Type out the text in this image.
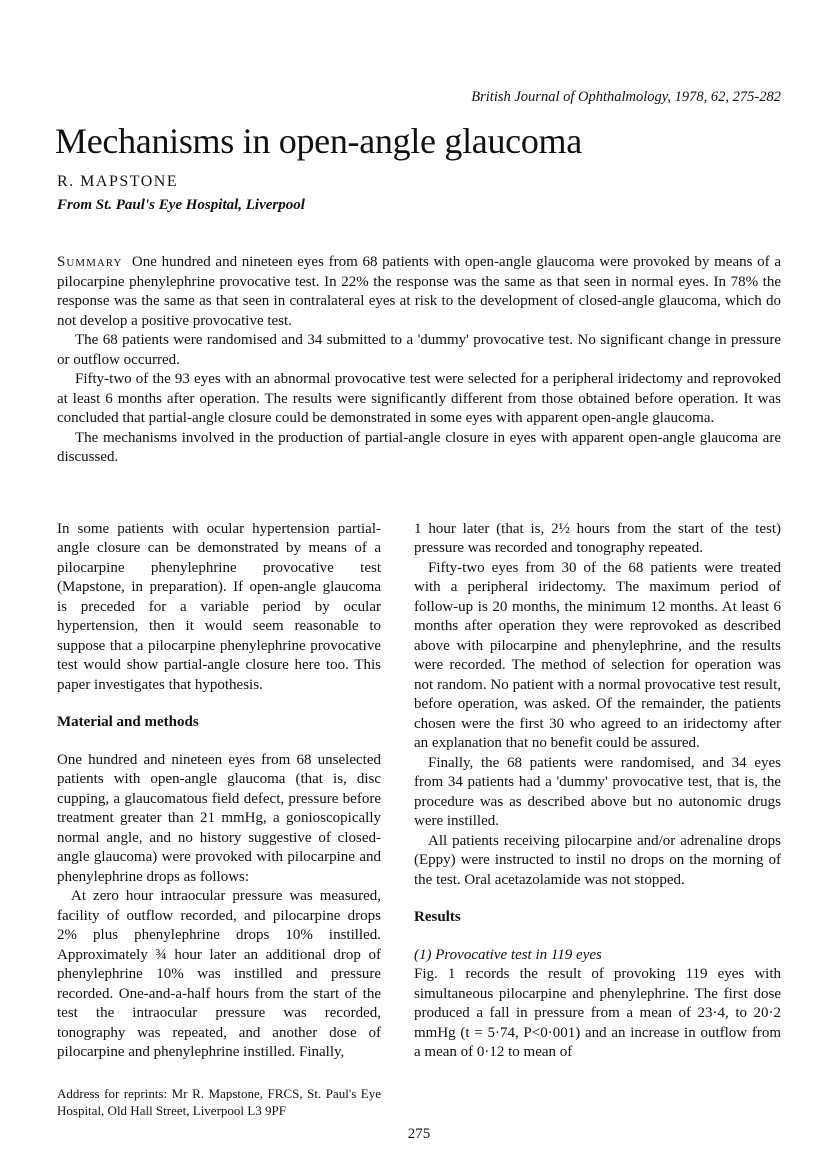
British Journal of Ophthalmology, 1978, 62, 275-282
Mechanisms in open-angle glaucoma
R. MAPSTONE
From St. Paul's Eye Hospital, Liverpool

Summary One hundred and nineteen eyes from 68 patients with open-angle glaucoma were provoked by means of a pilocarpine phenylephrine provocative test. In 22% the response was the same as that seen in normal eyes. In 78% the response was the same as that seen in contralateral eyes at risk to the development of closed-angle glaucoma, which do not develop a positive provocative test.

The 68 patients were randomised and 34 submitted to a 'dummy' provocative test. No significant change in pressure or outflow occurred.

Fifty-two of the 93 eyes with an abnormal provocative test were selected for a peripheral iridectomy and reprovoked at least 6 months after operation. The results were significantly different from those obtained before operation. It was concluded that partial-angle closure could be demonstrated in some eyes with apparent open-angle glaucoma.

The mechanisms involved in the production of partial-angle closure in eyes with apparent open-angle glaucoma are discussed.

In some patients with ocular hypertension partial-angle closure can be demonstrated by means of a pilocarpine phenylephrine provocative test (Mapstone, in preparation). If open-angle glaucoma is preceded for a variable period by ocular hypertension, then it would seem reasonable to suppose that a pilocarpine phenylephrine provocative test would show partial-angle closure here too. This paper investigates that hypothesis.

Material and methods

One hundred and nineteen eyes from 68 unselected patients with open-angle glaucoma (that is, disc cupping, a glaucomatous field defect, pressure before treatment greater than 21 mmHg, a gonioscopically normal angle, and no history suggestive of closed-angle glaucoma) were provoked with pilocarpine and phenylephrine drops as follows:

At zero hour intraocular pressure was measured, facility of outflow recorded, and pilocarpine drops 2% plus phenylephrine drops 10% instilled. Approximately ¾ hour later an additional drop of phenylephrine 10% was instilled and pressure recorded. One-and-a-half hours from the start of the test the intraocular pressure was recorded, tonography was repeated, and another dose of pilocarpine and phenylephrine instilled. Finally,

Address for reprints: Mr R. Mapstone, FRCS, St. Paul's Eye Hospital, Old Hall Street, Liverpool L3 9PF

1 hour later (that is, 2½ hours from the start of the test) pressure was recorded and tonography repeated.

Fifty-two eyes from 30 of the 68 patients were treated with a peripheral iridectomy. The maximum period of follow-up is 20 months, the minimum 12 months. At least 6 months after operation they were reprovoked as described above with pilocarpine and phenylephrine, and the results were recorded. The method of selection for operation was not random. No patient with a normal provocative test result, before operation, was asked. Of the remainder, the patients chosen were the first 30 who agreed to an iridectomy after an explanation that no benefit could be assured.

Finally, the 68 patients were randomised, and 34 eyes from 34 patients had a 'dummy' provocative test, that is, the procedure was as described above but no autonomic drugs were instilled.

All patients receiving pilocarpine and/or adrenaline drops (Eppy) were instructed to instil no drops on the morning of the test. Oral acetazolamide was not stopped.

Results

(1) Provocative test in 119 eyes

Fig. 1 records the result of provoking 119 eyes with simultaneous pilocarpine and phenylephrine. The first dose produced a fall in pressure from a mean of 23·4, to 20·2 mmHg (t = 5·74, P<0·001) and an increase in outflow from a mean of 0·12 to mean of

275
